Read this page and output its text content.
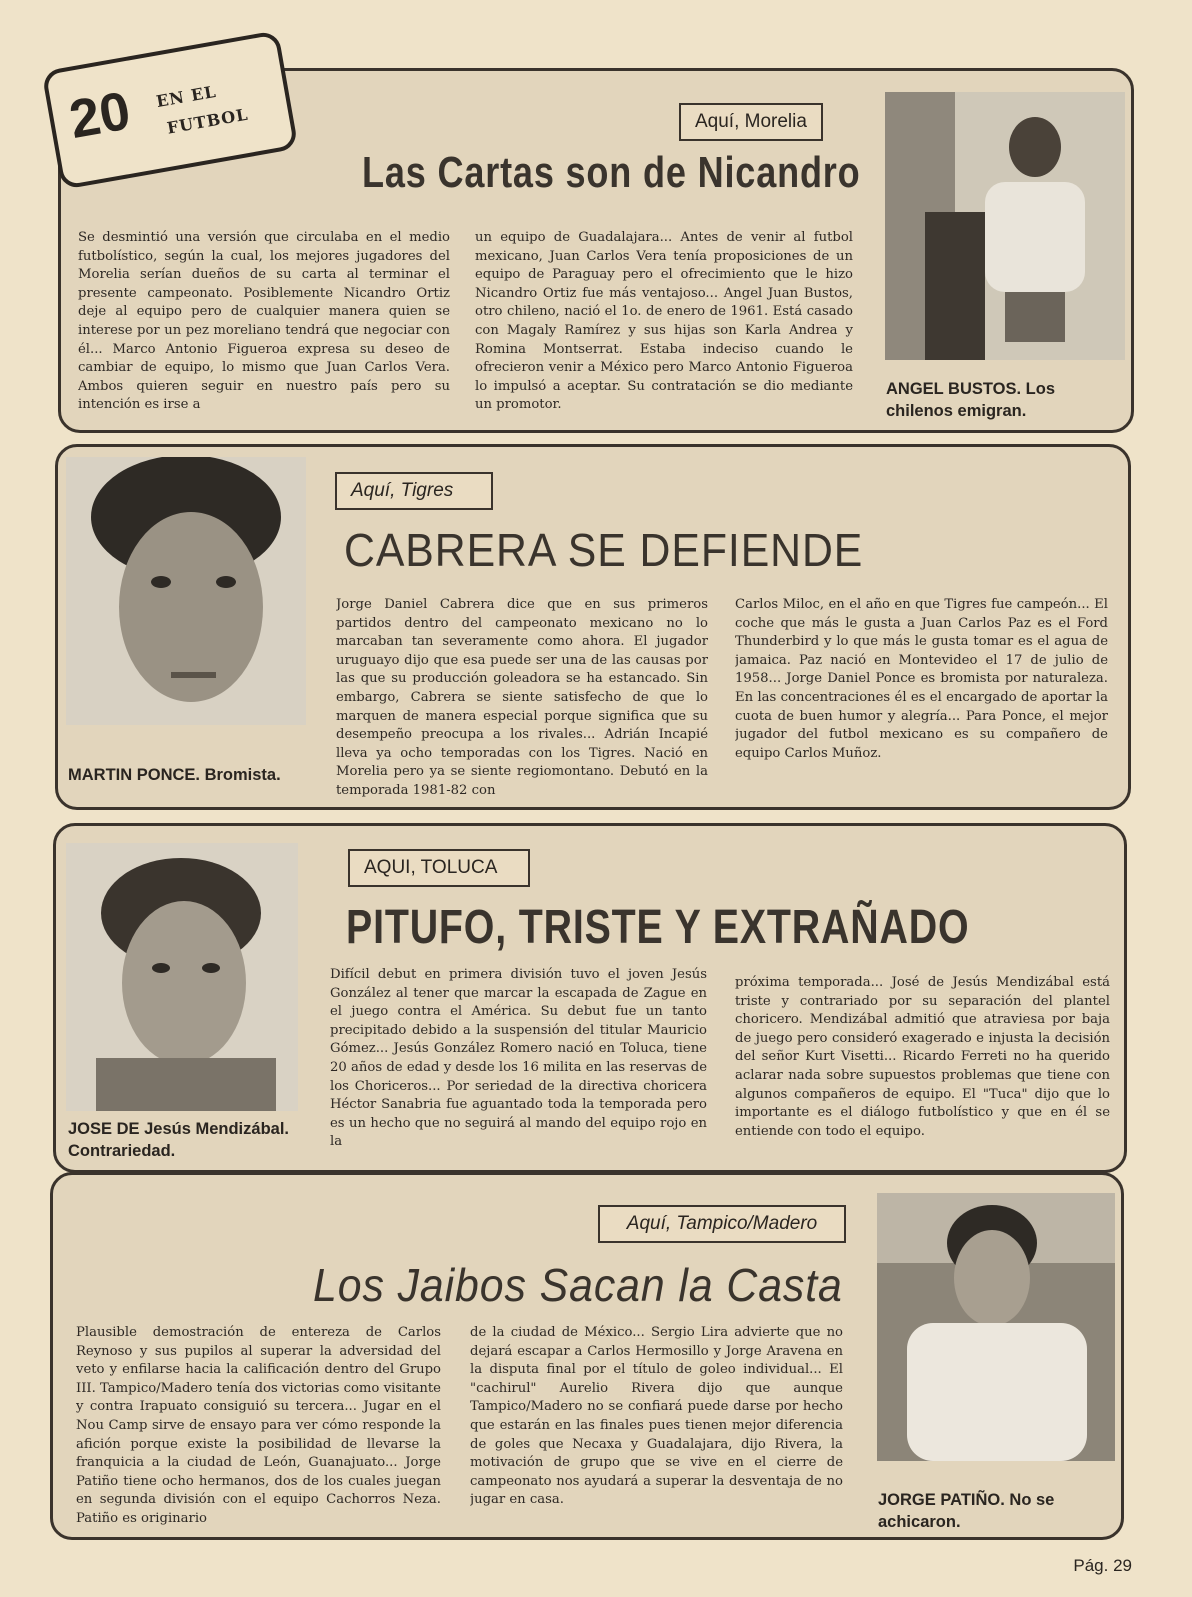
20 EN EL
FUTBOL	Aquí, Morelia
Las Cartas son de Nicandro
Se desmintió una versión que circulaba en el medio futbolístico, según la cual, los mejores jugadores del Morelia serían dueños de su carta al terminar el presente campeonato. Posiblemente Nicandro Ortiz deje al equipo pero de cualquier manera quien se interese por un pez moreliano tendrá que negociar con él... Marco Antonio Figueroa expresa su deseo de cambiar de equipo, lo mismo que Juan Carlos Vera. Ambos quieren seguir en nuestro país pero su intención es irse a
un equipo de Guadalajara... Antes de venir al futbol mexicano, Juan Carlos Vera tenía proposiciones de un equipo de Paraguay pero el ofrecimiento que le hizo Nicandro Ortiz fue más ventajoso... Angel Juan Bustos, otro chileno, nació el 1o. de enero de 1961. Está casado con Magaly Ramírez y sus hijas son Karla Andrea y Romina Montserrat. Estaba indeciso cuando le ofrecieron venir a México pero Marco Antonio Figueroa lo impulsó a aceptar. Su contratación se dio mediante un promotor.
ANGEL BUSTOS. Los chilenos emigran.
MARTIN PONCE. Bromista.
Aquí, Tigres
CABRERA SE DEFIENDE
Jorge Daniel Cabrera dice que en sus primeros partidos dentro del campeonato mexicano no lo marcaban tan severamente como ahora. El jugador uruguayo dijo que esa puede ser una de las causas por las que su producción goleadora se ha estancado. Sin embargo, Cabrera se siente satisfecho de que lo marquen de manera especial porque significa que su desempeño preocupa a los rivales... Adrián Incapié lleva ya ocho temporadas con los Tigres. Nació en Morelia pero ya se siente regiomontano. Debutó en la temporada 1981-82 con
Carlos Miloc, en el año en que Tigres fue campeón... El coche que más le gusta a Juan Carlos Paz es el Ford Thunderbird y lo que más le gusta tomar es el agua de jamaica. Paz nació en Montevideo el 17 de julio de 1958... Jorge Daniel Ponce es bromista por naturaleza. En las concentraciones él es el encargado de aportar la cuota de buen humor y alegría... Para Ponce, el mejor jugador del futbol mexicano es su compañero de equipo Carlos Muñoz.
JOSE DE Jesús Mendizábal. Contrariedad.
AQUI, TOLUCA
PITUFO, TRISTE Y EXTRAÑADO
Difícil debut en primera división tuvo el joven Jesús González al tener que marcar la escapada de Zague en el juego contra el América. Su debut fue un tanto precipitado debido a la suspensión del titular Mauricio Gómez... Jesús González Romero nació en Toluca, tiene 20 años de edad y desde los 16 milita en las reservas de los Choriceros... Por seriedad de la directiva choricera Héctor Sanabria fue aguantado toda la temporada pero es un hecho que no seguirá al mando del equipo rojo en la
próxima temporada... José de Jesús Mendizábal está triste y contrariado por su separación del plantel choricero. Mendizábal admitió que atraviesa por baja de juego pero consideró exagerado e injusta la decisión del señor Kurt Visetti... Ricardo Ferreti no ha querido aclarar nada sobre supuestos problemas que tiene con algunos compañeros de equipo. El "Tuca" dijo que lo importante es el diálogo futbolístico y que en él se entiende con todo el equipo.
Aquí, Tampico/Madero
Los Jaibos Sacan la Casta
Plausible demostración de entereza de Carlos Reynoso y sus pupilos al superar la adversidad del veto y enfilarse hacia la calificación dentro del Grupo III. Tampico/Madero tenía dos victorias como visitante y contra Irapuato consiguió su tercera... Jugar en el Nou Camp sirve de ensayo para ver cómo responde la afición porque existe la posibilidad de llevarse la franquicia a la ciudad de León, Guanajuato... Jorge Patiño tiene ocho hermanos, dos de los cuales juegan en segunda división con el equipo Cachorros Neza. Patiño es originario
de la ciudad de México... Sergio Lira advierte que no dejará escapar a Carlos Hermosillo y Jorge Aravena en la disputa final por el título de goleo individual... El "cachirul" Aurelio Rivera dijo que aunque Tampico/Madero no se confiará puede darse por hecho que estarán en las finales pues tienen mejor diferencia de goles que Necaxa y Guadalajara, dijo Rivera, la motivación de grupo que se vive en el cierre de campeonato nos ayudará a superar la desventaja de no jugar en casa.	JORGE PATIÑO. No se achicaron.
Pág. 29
